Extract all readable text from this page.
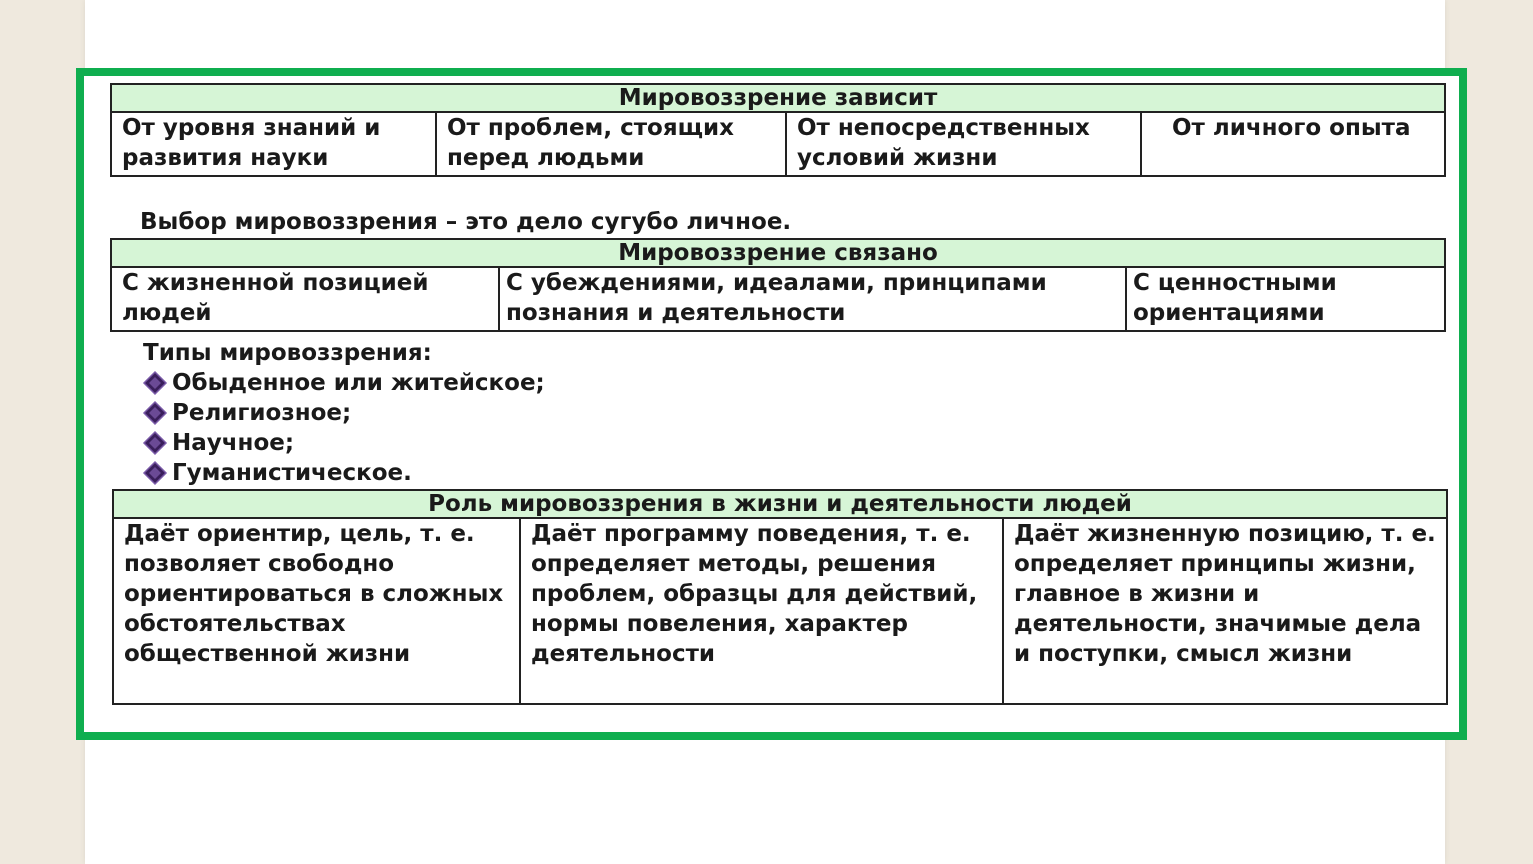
Мировоззрение зависит
От уровня знаний и развития науки	От проблем, стоящих перед людьми	От непосредственных условий жизни	От личного опыта
Выбор мировоззрения – это дело сугубо личное.
Мировоззрение связано
С жизненной позицией людей	С убеждениями, идеалами, принципами познания и деятельности	С ценностными ориентациями
Типы мировоззрения:
Обыденное или житейское;
Религиозное;
Научное;
Гуманистическое.
Роль мировоззрения в жизни и деятельности людей
Даёт ориентир, цель, т. е. позволяет свободно ориентироваться в сложных обстоятельствах общественной жизни	Даёт программу поведения, т. е. определяет методы, решения проблем, образцы для действий, нормы повеления, характер деятельности	Даёт жизненную позицию, т. е. определяет принципы жизни, главное в жизни и деятельности, значимые дела и поступки, смысл жизни
